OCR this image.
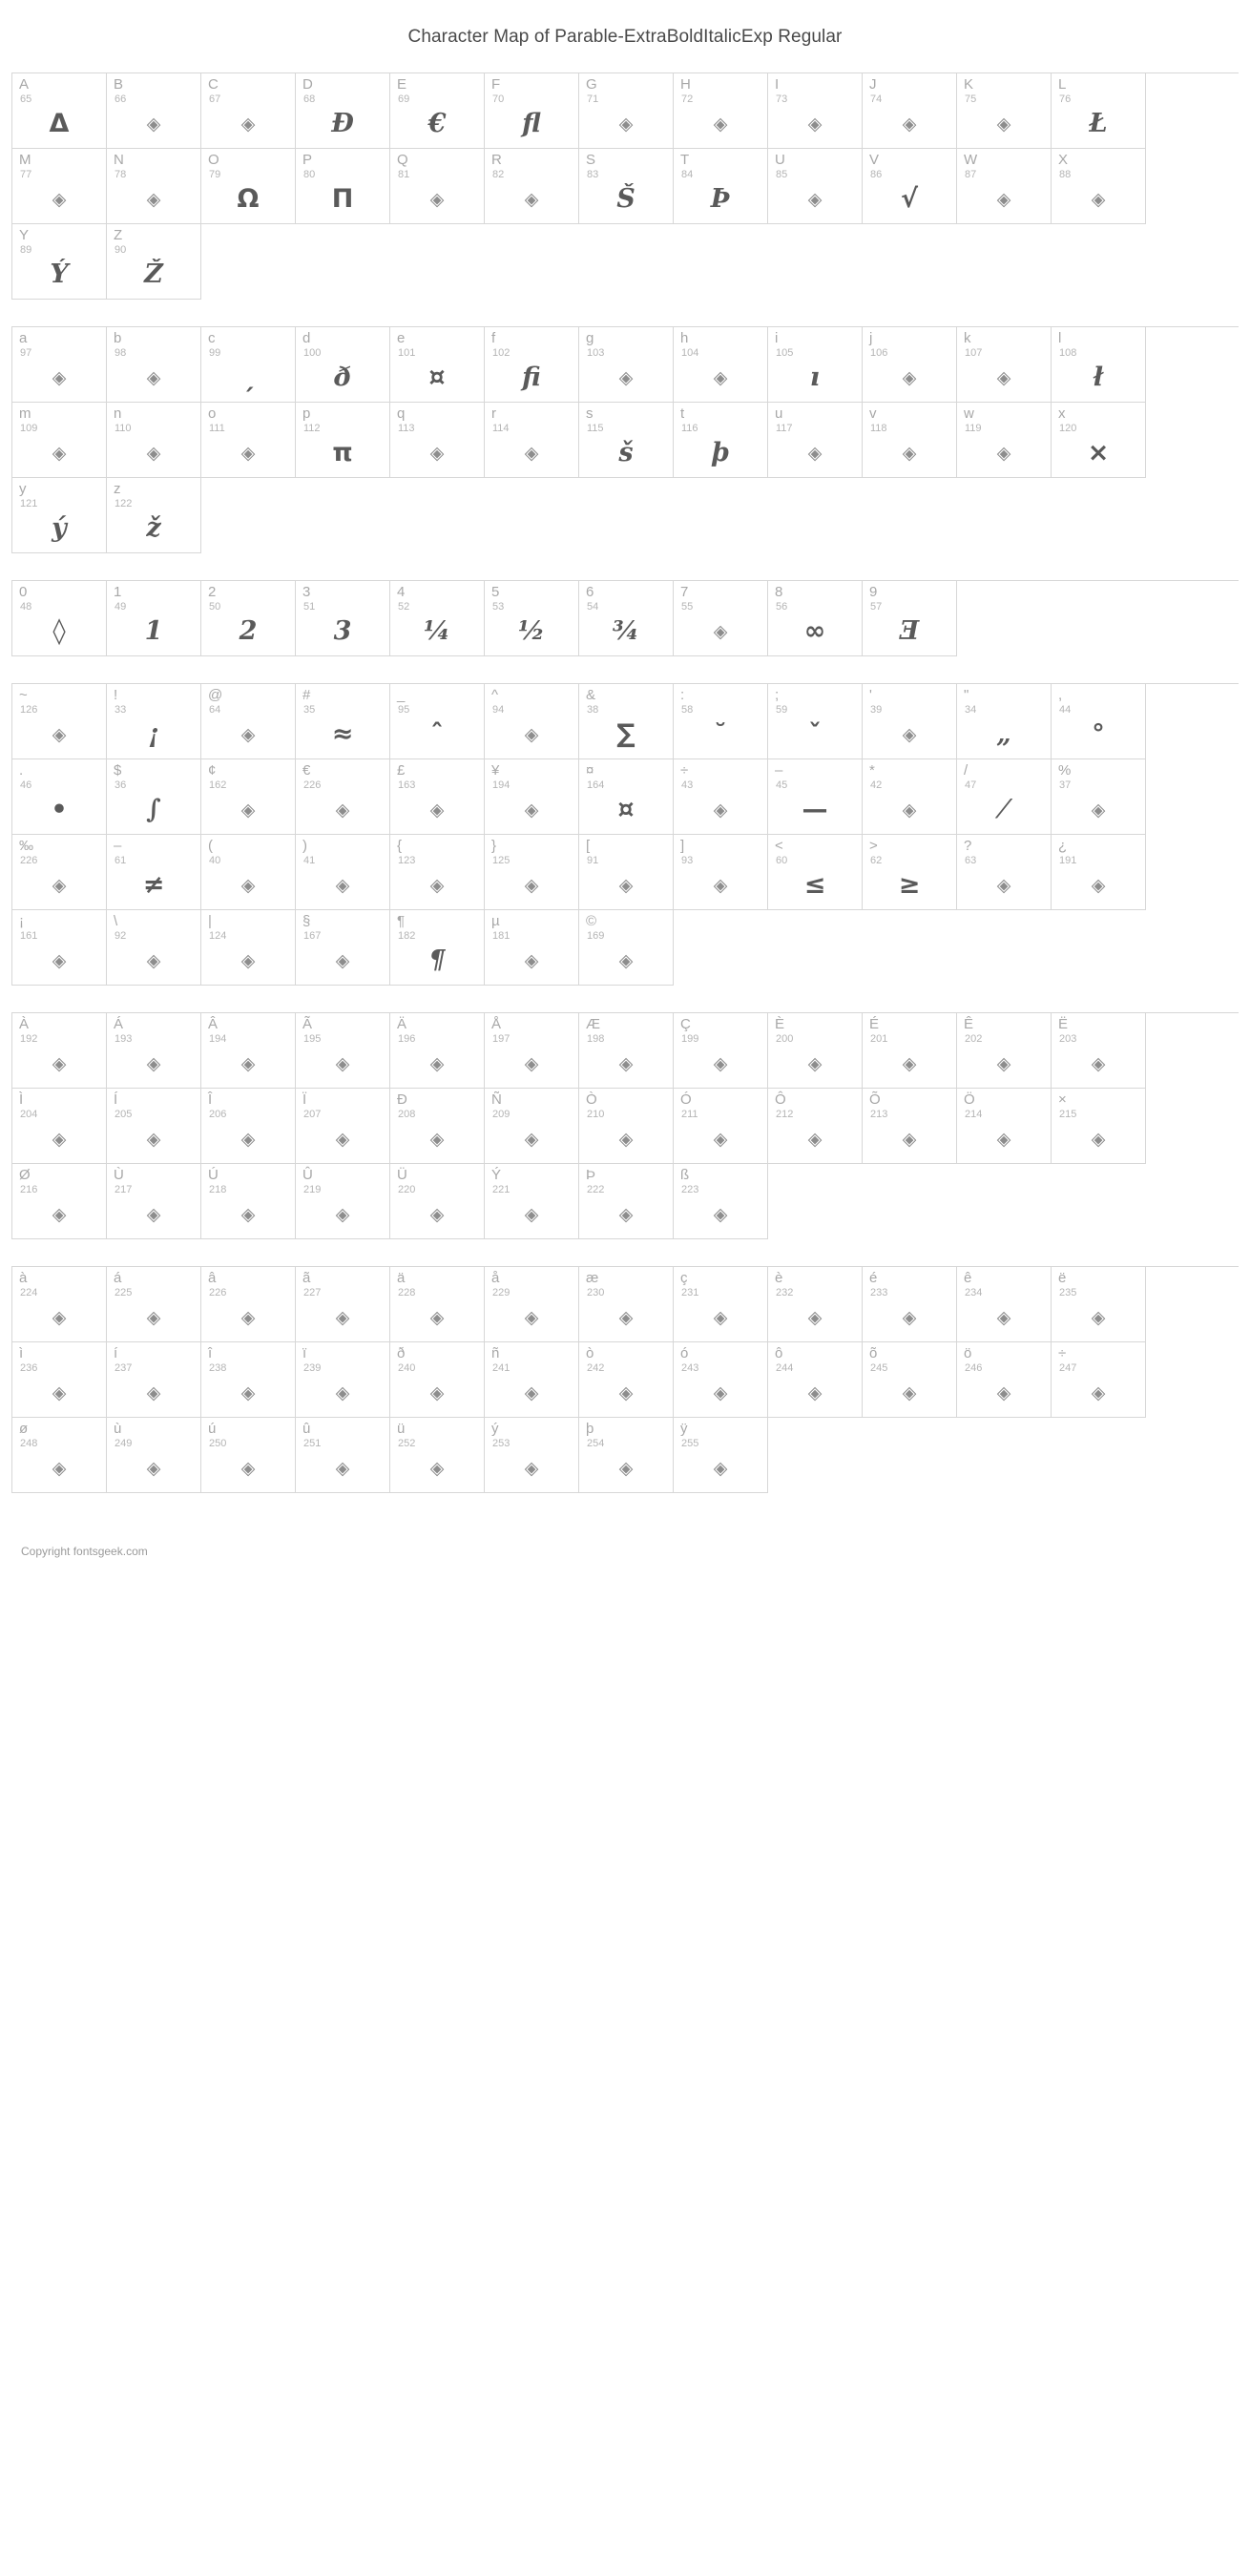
Character Map of Parable-ExtraBoldItalicExp Regular
A
65
Δ
B
66
◈
C
67
◈
D
68
Đ
E
69
€
F
70
ﬂ
G
71
◈
H
72
◈
I
73
◈
J
74
◈
K
75
◈
L
76
Ł
M
77
◈
N
78
◈
O
79
Ω
P
80
Π
Q
81
◈
R
82
◈
S
83
Š
T
84
Þ
U
85
◈
V
86
√
W
87
◈
X
88
◈
Y
89
Ý
Z
90
Ž
a
97
◈
b
98
◈
c
99
ˏ
d
100
ð
e
101
¤
f
102
ﬁ
g
103
◈
h
104
◈
i
105
ı
j
106
◈
k
107
◈
l
108
ł
m
109
◈
n
110
◈
o
111
◈
p
112
π
q
113
◈
r
114
◈
s
115
š
t
116
þ
u
117
◈
v
118
◈
w
119
◈
x
120
×
y
121
ý
z
122
ž
0
48
◊
1
49
1
2
50
2
3
51
3
4
52
¼
5
53
½
6
54
¾
7
55
◈
8
56
∞
9
57
Ǝ
~
126
◈
!
33
¡
@
64
◈
#
35
≈
_
95
ˆ
^
94
◈
&
38
∑
:
58
˘
;
59
ˇ
'
39
◈
"
34
„
,
44
°
.
46
•
$
36
∫
¢
162
◈
€
226
◈
£
163
◈
¥
194
◈
¤
164
¤
÷
43
◈
–
45
—
*
42
◈
/
47
⁄
%
37
◈
‰
226
◈
–
61
≠
(
40
◈
)
41
◈
{
123
◈
}
125
◈
[
91
◈
]
93
◈
<
60
≤
>
62
≥
?
63
◈
¿
191
◈
¡
161
◈
\
92
◈
|
124
◈
§
167
◈
¶
182
¶
µ
181
◈
©
169
◈
À
192
◈
Á
193
◈
Â
194
◈
Ã
195
◈
Ä
196
◈
Å
197
◈
Æ
198
◈
Ç
199
◈
È
200
◈
É
201
◈
Ê
202
◈
Ë
203
◈
Ì
204
◈
Í
205
◈
Î
206
◈
Ï
207
◈
Ð
208
◈
Ñ
209
◈
Ò
210
◈
Ó
211
◈
Ô
212
◈
Õ
213
◈
Ö
214
◈
×
215
◈
Ø
216
◈
Ù
217
◈
Ú
218
◈
Û
219
◈
Ü
220
◈
Ý
221
◈
Þ
222
◈
ß
223
◈
à
224
◈
á
225
◈
â
226
◈
ã
227
◈
ä
228
◈
å
229
◈
æ
230
◈
ç
231
◈
è
232
◈
é
233
◈
ê
234
◈
ë
235
◈
ì
236
◈
í
237
◈
î
238
◈
ï
239
◈
ð
240
◈
ñ
241
◈
ò
242
◈
ó
243
◈
ô
244
◈
õ
245
◈
ö
246
◈
÷
247
◈
ø
248
◈
ù
249
◈
ú
250
◈
û
251
◈
ü
252
◈
ý
253
◈
þ
254
◈
ÿ
255
◈
Copyright fontsgeek.com
